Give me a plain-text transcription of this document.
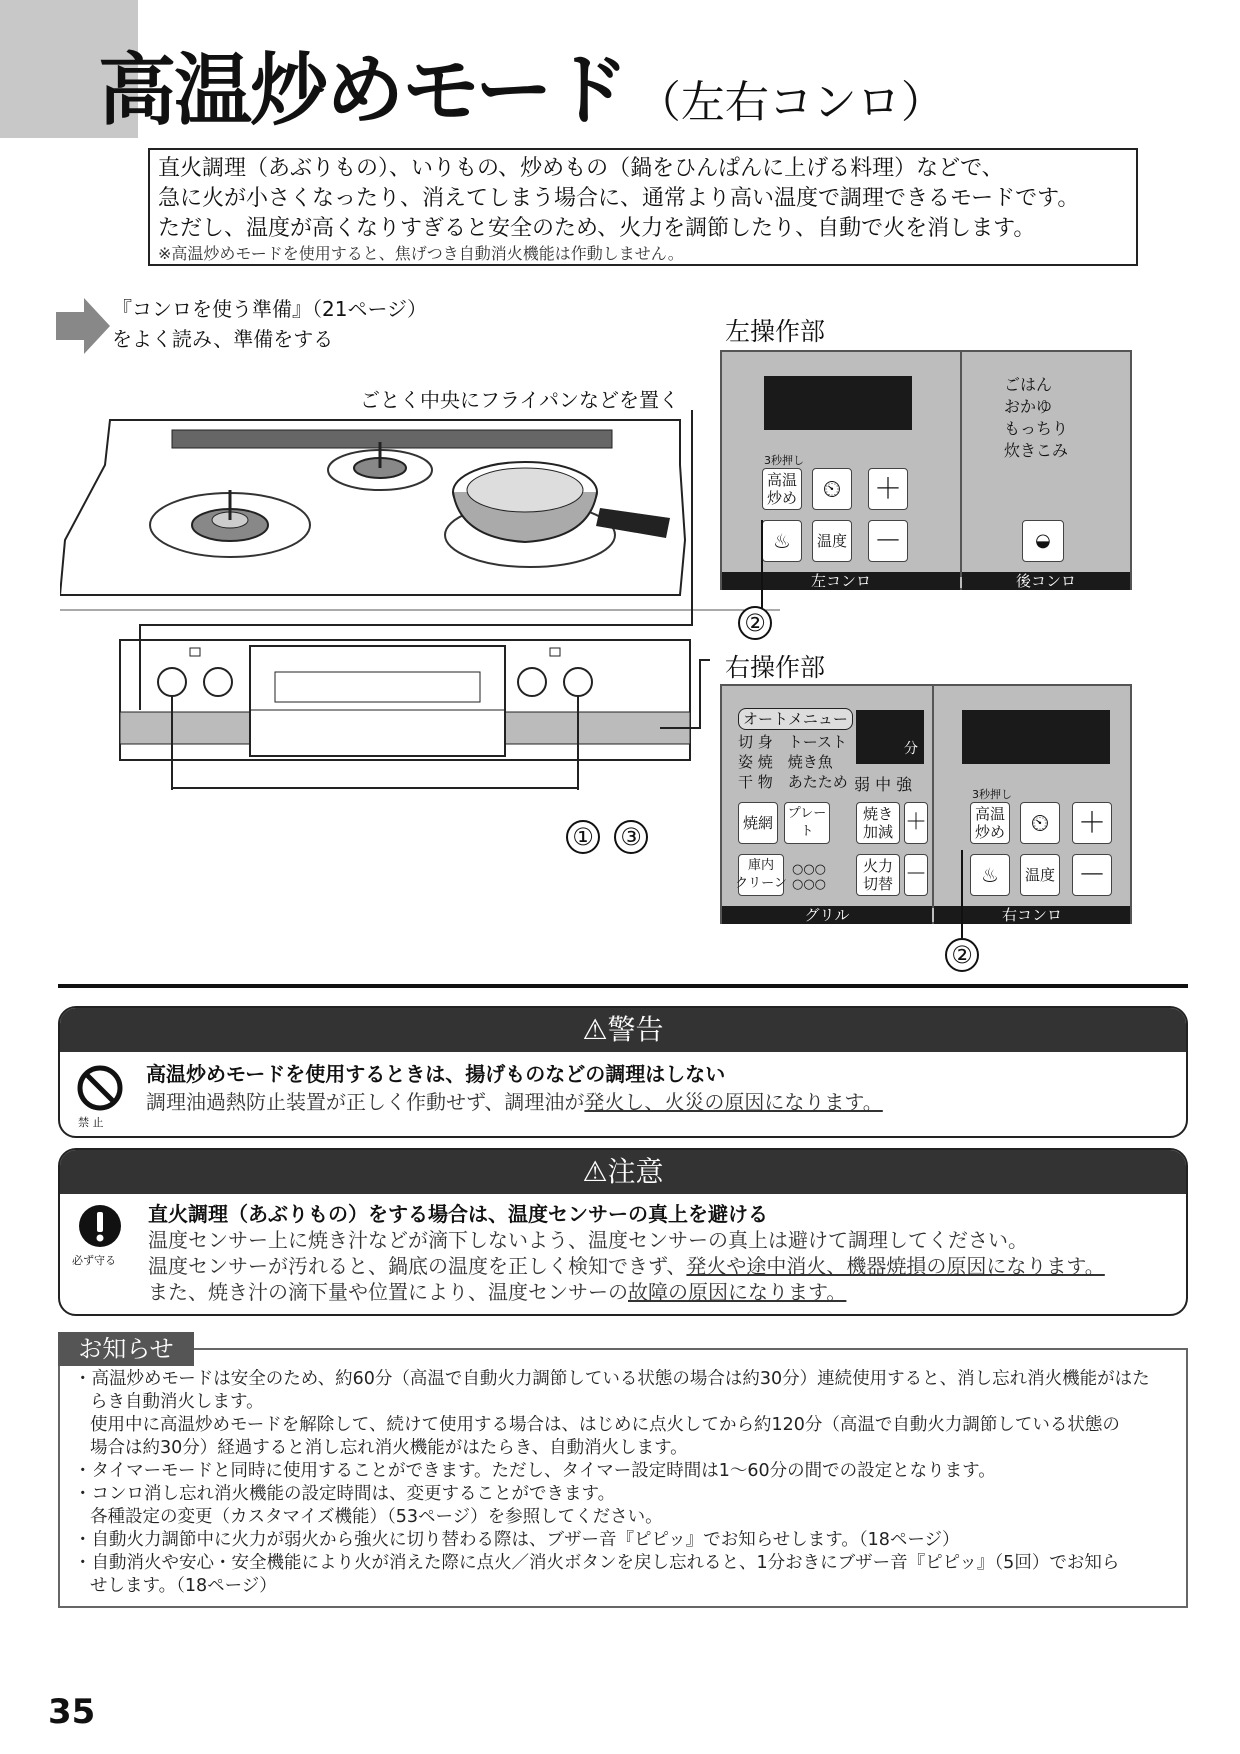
高温炒めモード （左右コンロ）
直火調理（あぶりもの）、いりもの、炒めもの（鍋をひんぱんに上げる料理）などで、
急に火が小さくなったり、消えてしまう場合に、通常より高い温度で調理できるモードです。
ただし、温度が高くなりすぎると安全のため、火力を調節したり、自動で火を消します。
※高温炒めモードを使用すると、焦げつき自動消火機能は作動しません。
『コンロを使う準備』（21ページ）
をよく読み、準備をする
ごとく中央にフライパンなどを置く
左操作部
ごはん
おかゆ
もっちり
炊きこみ
3秒押し
高温
炒め ⏲ ＋
♨	温度 －	◒
左コンロ	後コンロ
②
右操作部
オートメニュー
切 身　 トースト
姿 焼　 焼き魚
干 物　 あたため
分
弱 中 強
焼網
プレート
焼き
加減 ＋
庫内
クリーン
○○○
○○○
火力
切替 －
3秒押し
高温
炒め ⏲ ＋
♨	温度 －
グリル	右コンロ
②
① ③
⚠警告
禁 止
高温炒めモードを使用するときは、揚げものなどの調理はしない
調理油過熱防止装置が正しく作動せず、調理油が発火し、火災の原因になります。
⚠注意
必ず守る
直火調理（あぶりもの）をする場合は、温度センサーの真上を避ける
温度センサー上に焼き汁などが滴下しないよう、温度センサーの真上は避けて調理してください。
温度センサーが汚れると、鍋底の温度を正しく検知できず、発火や途中消火、機器焼損の原因になります。
また、焼き汁の滴下量や位置により、温度センサーの故障の原因になります。

・高温炒めモードは安全のため、約60分（高温で自動火力調節している状態の場合は約30分）連続使用すると、消し忘れ消火機能がはた

らき自動消火します。

使用中に高温炒めモードを解除して、続けて使用する場合は、はじめに点火してから約120分（高温で自動火力調節している状態の

場合は約30分）経過すると消し忘れ消火機能がはたらき、自動消火します。

・タイマーモードと同時に使用することができます。ただし、タイマー設定時間は1〜60分の間での設定となります。

・コンロ消し忘れ消火機能の設定時間は、変更することができます。

各種設定の変更（カスタマイズ機能）（53ページ）を参照してください。

・自動火力調節中に火力が弱火から強火に切り替わる際は、ブザー音『ピピッ』でお知らせします。（18ページ）

・自動消火や安心・安全機能により火が消えた際に点火／消火ボタンを戻し忘れると、1分おきにブザー音『ピピッ』（5回）でお知ら

せします。（18ページ）

お知らせ
35
